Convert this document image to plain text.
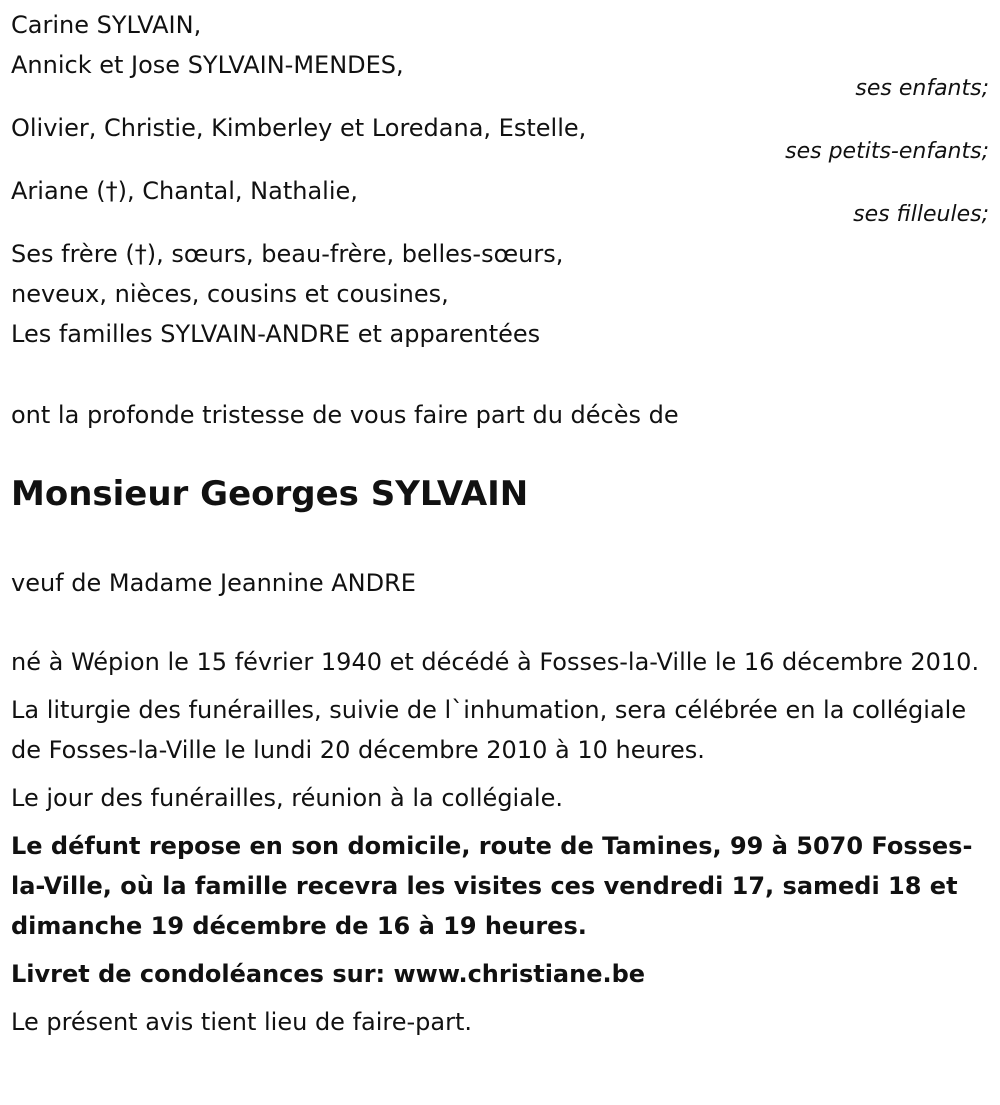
Carine SYLVAIN,
Annick et Jose SYLVAIN-MENDES,
ses enfants;
Olivier, Christie, Kimberley et Loredana, Estelle,
ses petits-enfants;
Ariane (†), Chantal, Nathalie,
ses filleules;
Ses frère (†), sœurs, beau-frère, belles-sœurs,
neveux, nièces, cousins et cousines,
Les familles SYLVAIN-ANDRE et apparentées
ont la profonde tristesse de vous faire part du décès de
Monsieur Georges SYLVAIN
veuf de Madame Jeannine ANDRE
né à Wépion le 15 février 1940 et décédé à Fosses-la-Ville le 16 décembre 2010.
La liturgie des funérailles, suivie de l`inhumation, sera célébrée en la collégiale de Fosses-la-Ville le lundi 20 décembre 2010 à 10 heures.
Le jour des funérailles, réunion à la collégiale.
Le défunt repose en son domicile, route de Tamines, 99 à 5070 Fosses-la-Ville, où la famille recevra les visites ces vendredi 17, samedi 18 et dimanche 19 décembre de 16 à 19 heures.
Livret de condoléances sur: www.christiane.be
Le présent avis tient lieu de faire-part.
